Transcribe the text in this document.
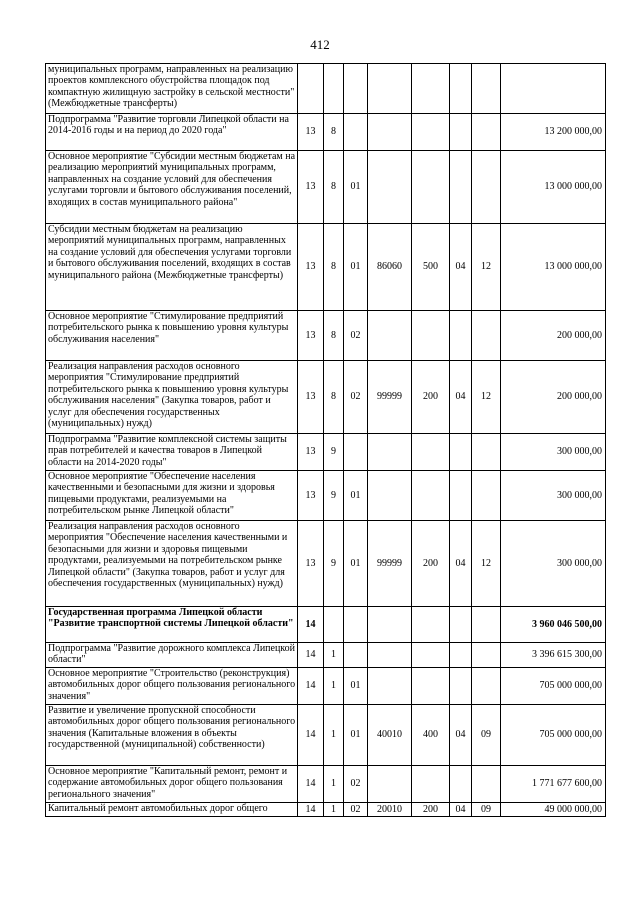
412
муниципальных программ, направленных на реализацию проектов комплексного обустройства площадок под компактную жилищную застройку в сельской местности" (Межбюджетные трансферты)								
Подпрограмма "Развитие торговли Липецкой области на 2014-2016 годы и на период до 2020 года"	13	8						13 200 000,00
Основное мероприятие "Субсидии местным бюджетам на реализацию мероприятий муниципальных программ, направленных на создание условий для обеспечения услугами торговли и бытового обслуживания поселений, входящих в состав муниципального района"	13	8	01					13 000 000,00
Субсидии местным бюджетам на реализацию мероприятий муниципальных программ, направленных на создание условий для обеспечения услугами торговли и бытового обслуживания поселений, входящих в состав муниципального района (Межбюджетные трансферты)	13	8	01	86060	500	04	12	13 000 000,00
Основное мероприятие "Стимулирование предприятий потребительского рынка к повышению уровня культуры обслуживания населения"	13	8	02					200 000,00
Реализация направления расходов основного мероприятия "Стимулирование предприятий потребительского рынка к повышению уровня культуры обслуживания населения" (Закупка товаров, работ и услуг для обеспечения государственных (муниципальных) нужд)	13	8	02	99999	200	04	12	200 000,00
Подпрограмма "Развитие комплексной системы защиты прав потребителей и качества товаров в Липецкой области на 2014-2020 годы"	13	9						300 000,00
Основное мероприятие "Обеспечение населения качественными и безопасными для жизни и здоровья пищевыми продуктами, реализуемыми на потребительском рынке Липецкой области"	13	9	01					300 000,00
Реализация направления расходов основного мероприятия "Обеспечение населения качественными и безопасными для жизни и здоровья пищевыми продуктами, реализуемыми на потребительском рынке Липецкой области" (Закупка товаров, работ и услуг для обеспечения государственных (муниципальных) нужд)	13	9	01	99999	200	04	12	300 000,00
Государственная программа Липецкой области "Развитие транспортной системы Липецкой области"	14							3 960 046 500,00
Подпрограмма "Развитие дорожного комплекса Липецкой области"	14	1						3 396 615 300,00
Основное мероприятие "Строительство (реконструкция) автомобильных дорог общего пользования регионального значения"	14	1	01					705 000 000,00
Развитие и увеличение пропускной способности автомобильных дорог общего пользования регионального значения (Капитальные вложения в объекты государственной (муниципальной) собственности)	14	1	01	40010	400	04	09	705 000 000,00
Основное мероприятие "Капитальный ремонт, ремонт и содержание автомобильных дорог общего пользования регионального значения"	14	1	02					1 771 677 600,00
Капитальный ремонт автомобильных дорог общего	14	1	02	20010	200	04	09	49 000 000,00
